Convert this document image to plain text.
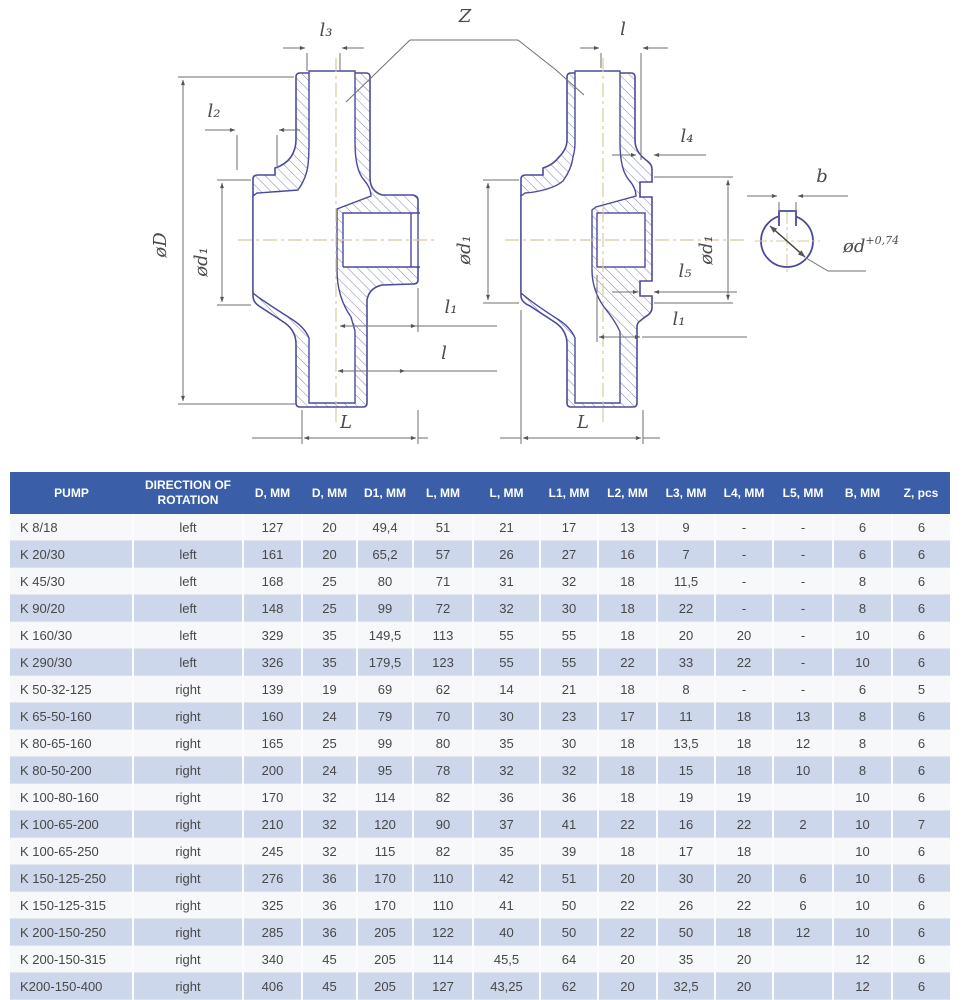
Z
l₃
l₂
øD
ød₁
l₁
l
L
l
l₄
ød₁	ød₁
l₅
l₁
L
b
$ød^{+0,74}$
PUMP	DIRECTION OF ROTATION	D, MM	D, MM	D1, MM	L, MM	L, MM	L1, MM	L2, MM	L3, MM	L4, MM	L5, MM	B, MM	Z, pcs
K 8/18	left	127	20	49,4	51	21	17	13	9	-	-	6	6
K 20/30	left	161	20	65,2	57	26	27	16	7	-	-	6	6
K 45/30	left	168	25	80	71	31	32	18	11,5	-	-	8	6
K 90/20	left	148	25	99	72	32	30	18	22	-	-	8	6
K 160/30	left	329	35	149,5	113	55	55	18	20	20	-	10	6
K 290/30	left	326	35	179,5	123	55	55	22	33	22	-	10	6
K 50-32-125	right	139	19	69	62	14	21	18	8	-	-	6	5
K 65-50-160	right	160	24	79	70	30	23	17	11	18	13	8	6
K 80-65-160	right	165	25	99	80	35	30	18	13,5	18	12	8	6
K 80-50-200	right	200	24	95	78	32	32	18	15	18	10	8	6
K 100-80-160	right	170	32	114	82	36	36	18	19	19		10	6
K 100-65-200	right	210	32	120	90	37	41	22	16	22	2	10	7
K 100-65-250	right	245	32	115	82	35	39	18	17	18		10	6
K 150-125-250	right	276	36	170	110	42	51	20	30	20	6	10	6
K 150-125-315	right	325	36	170	110	41	50	22	26	22	6	10	6
K 200-150-250	right	285	36	205	122	40	50	22	50	18	12	10	6
K 200-150-315	right	340	45	205	114	45,5	64	20	35	20		12	6
K200-150-400	right	406	45	205	127	43,25	62	20	32,5	20		12	6
